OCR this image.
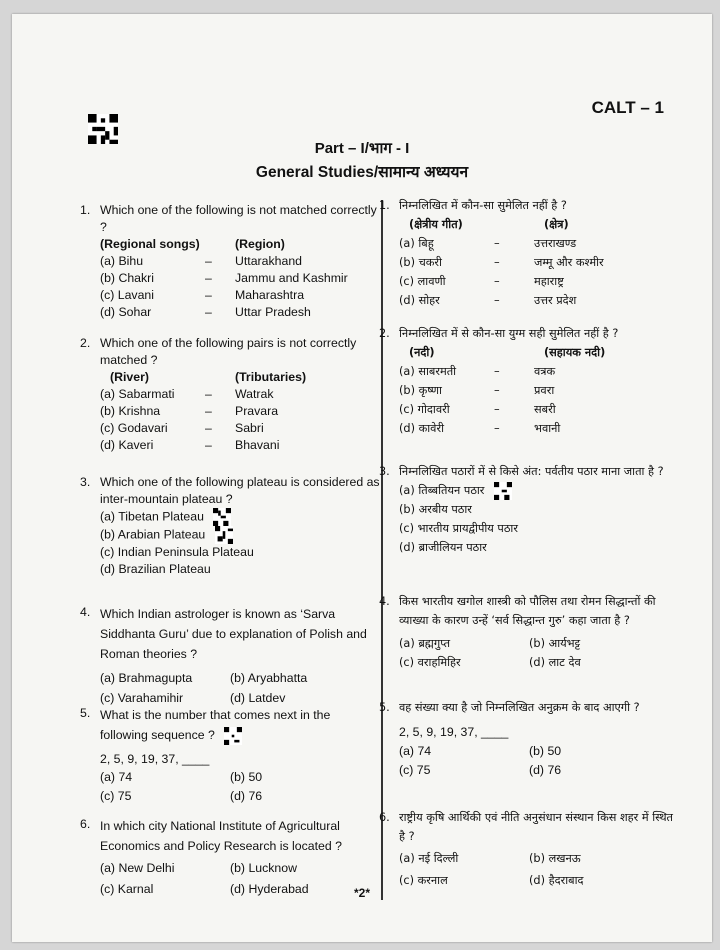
CALT – 1
Part – I/भाग - I
General Studies/सामान्य अध्ययन
1. Which one of the following is not matched correctly ?
(Regional songs)	(Region)
(a) Bihu	–	Uttarakhand
(b) Chakri	–	Jammu and Kashmir
(c) Lavani	–	Maharashtra
(d) Sohar	–	Uttar Pradesh
2. Which one of the following pairs is not correctly matched ?
(River)	(Tributaries)
(a) Sabarmati	–	Watrak
(b) Krishna	–	Pravara
(c) Godavari	–	Sabri
(d) Kaveri	–	Bhavani
3. Which one of the following plateau is considered as inter-mountain plateau ?
(a) Tibetan Plateau
(b) Arabian Plateau
(c) Indian Peninsula Plateau
(d) Brazilian Plateau
4. Which Indian astrologer is known as ‘Sarva Siddhanta Guru’ due to explanation of Polish and Roman theories ?
(a) Brahmagupta	(b) Aryabhatta
(c) Varahamihir	(d) Latdev
5. What is the number that comes next in the following sequence ?
2, 5, 9, 19, 37, ____
(a) 74	(b) 50
(c) 75	(d) 76
6. In which city National Institute of Agricultural Economics and Policy Research is located ?
(a) New Delhi	(b) Lucknow
(c) Karnal	(d) Hyderabad
1. निम्नलिखित में कौन-सा सुमेलित नहीं है ?
(क्षेत्रीय गीत)	(क्षेत्र)
(a) बिहू	–	उत्तराखण्ड
(b) चकरी	–	जम्मू और कश्मीर
(c) लावणी	–	महाराष्ट्र
(d) सोहर	–	उत्तर प्रदेश
2. निम्नलिखित में से कौन-सा युग्म सही सुमेलित नहीं है ?
(नदी)	(सहायक नदी)
(a) साबरमती	–	वत्रक
(b) कृष्णा	–	प्रवरा
(c) गोदावरी	–	सबरी
(d) कावेरी	–	भवानी
3. निम्नलिखित पठारों में से किसे अंत: पर्वतीय पठार माना जाता है ?
(a) तिब्बतियन पठार
(b) अरबीय पठार
(c) भारतीय प्रायद्वीपीय पठार
(d) ब्राजीलियन पठार
4. किस भारतीय खगोल शास्त्री को पौलिस तथा रोमन सिद्धान्तों की व्याख्या के कारण उन्हें ‘सर्व सिद्धान्त गुरु’ कहा जाता है ?
(a) ब्रह्मगुप्त	(b) आर्यभट्ट
(c) वराहमिहिर	(d) लाट देव
5. वह संख्या क्या है जो निम्नलिखित अनुक्रम के बाद आएगी ?
2, 5, 9, 19, 37, ____
(a) 74	(b) 50
(c) 75	(d) 76
6. राष्ट्रीय कृषि आर्थिकी एवं नीति अनुसंधान संस्थान किस शहर में स्थित है ?
(a) नई दिल्ली	(b) लखनऊ
(c) करनाल	(d) हैदराबाद
*2*
